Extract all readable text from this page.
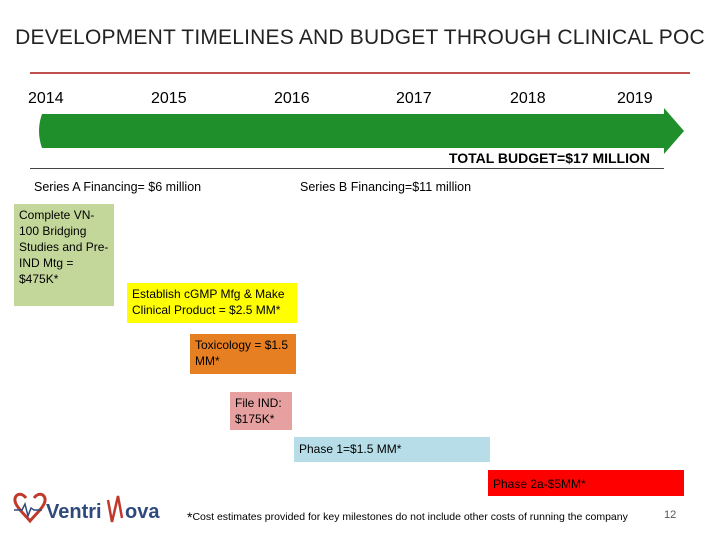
DEVELOPMENT TIMELINES AND BUDGET THROUGH CLINICAL POC
2014	2015	2016	2017	2018	2019
TOTAL BUDGET=$17 MILLION
Series A Financing= $6 million	Series B Financing=$11 million
Complete VN-100 Bridging Studies and Pre-IND Mtg = $475K*
Establish cGMP Mfg & Make Clinical Product = $2.5 MM*
Toxicology = $1.5 MM*
File IND: $175K*
Phase 1=$1.5 MM*
Phase 2a-$5MM*
Ventri ova *Cost estimates provided for key milestones do not include other costs of running the company	12
